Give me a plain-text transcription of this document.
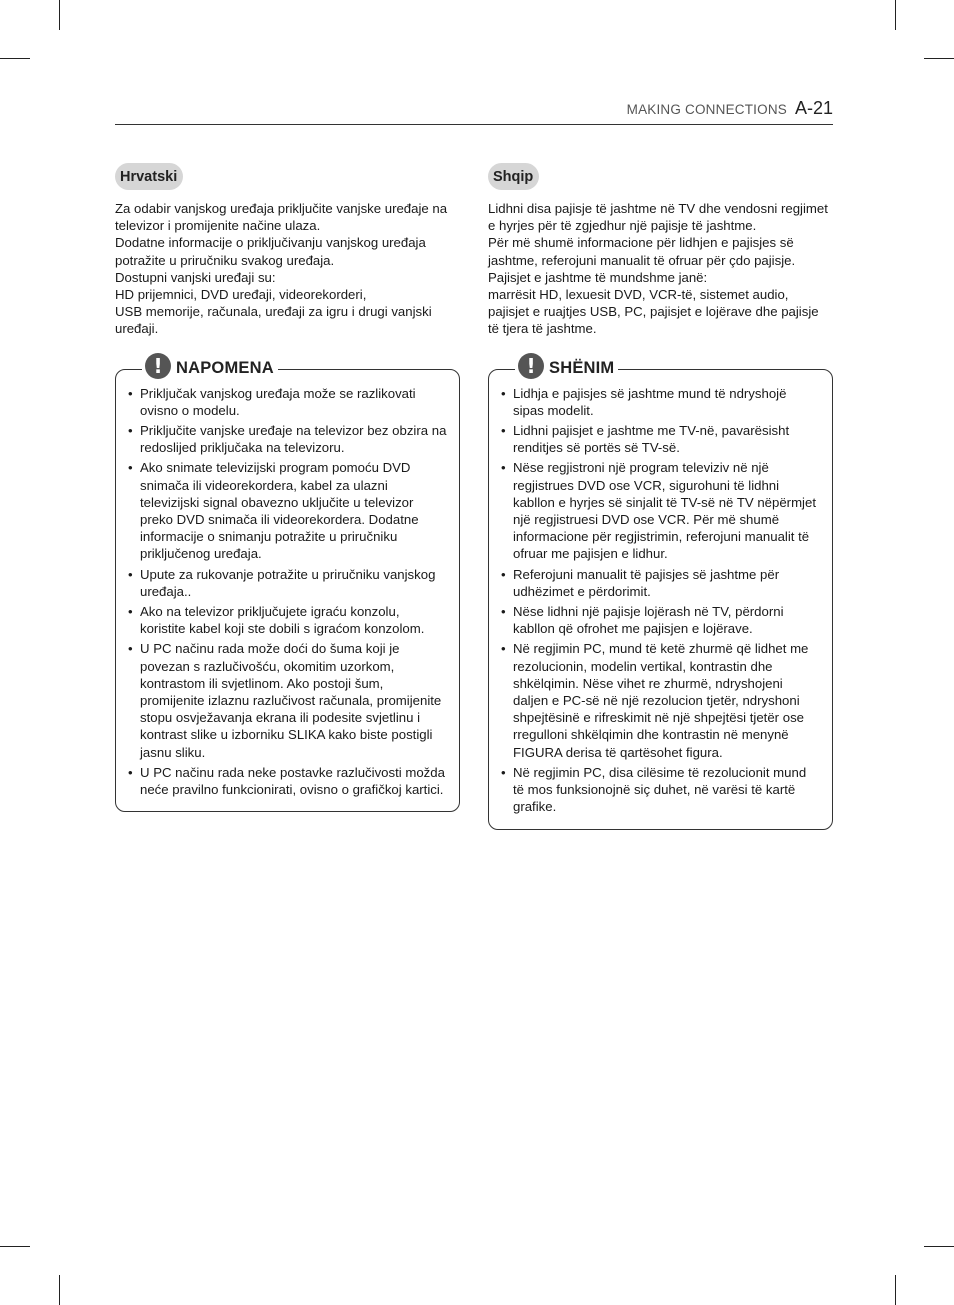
MAKING CONNECTIONS A-21
Hrvatski

Za odabir vanjskog uređaja priključite vanjske uređaje na televizor i promijenite načine ulaza.

Dodatne informacije o priključivanju vanjskog uređaja potražite u priručniku svakog uređaja.

Dostupni vanjski uređaji su:

HD prijemnici, DVD uređaji, videorekorderi,

USB memorije, računala, uređaji za igru i drugi vanjski uređaji.

! NAPOMENA
• Priključak vanjskog uređaja može se razlikovati ovisno o modelu.
• Priključite vanjske uređaje na televizor bez obzira na redoslijed priključaka na televizoru.
• Ako snimate televizijski program pomoću DVD snimača ili videorekordera, kabel za ulazni televizijski signal obavezno uključite u televizor preko DVD snimača ili videorekordera. Dodatne informacije o snimanju potražite u priručniku priključenog uređaja.
• Upute za rukovanje potražite u priručniku vanjskog uređaja..
• Ako na televizor priključujete igraću konzolu, koristite kabel koji ste dobili s igraćom konzolom.
• U PC načinu rada može doći do šuma koji je povezan s razlučivošću, okomitim uzorkom, kontrastom ili svjetlinom. Ako postoji šum, promijenite izlaznu razlučivost računala, promijenite stopu osvježavanja ekrana ili podesite svjetlinu i kontrast slike u izborniku SLIKA kako biste postigli jasnu sliku.
• U PC načinu rada neke postavke razlučivosti možda neće pravilno funkcionirati, ovisno o grafičkoj kartici.
Shqip

Lidhni disa pajisje të jashtme në TV dhe vendosni regjimet e hyrjes për të zgjedhur një pajisje të jashtme.

Për më shumë informacione për lidhjen e pajisjes së jashtme, referojuni manualit të ofruar për çdo pajisje.

Pajisjet e jashtme të mundshme janë:

marrësit HD, lexuesit DVD, VCR-të, sistemet audio, pajisjet e ruajtjes USB, PC, pajisjet e lojërave dhe pajisje të tjera të jashtme.

! SHËNIM
• Lidhja e pajisjes së jashtme mund të ndryshojë sipas modelit.
• Lidhni pajisjet e jashtme me TV-në, pavarësisht renditjes së portës së TV-së.
• Nëse regjistroni një program televiziv në një regjistrues DVD ose VCR, sigurohuni të lidhni kabllon e hyrjes së sinjalit të TV-së në TV nëpërmjet një regjistruesi DVD ose VCR. Për më shumë informacione për regjistrimin, referojuni manualit të ofruar me pajisjen e lidhur.
• Referojuni manualit të pajisjes së jashtme për udhëzimet e përdorimit.
• Nëse lidhni një pajisje lojërash në TV, përdorni kabllon që ofrohet me pajisjen e lojërave.
• Në regjimin PC, mund të ketë zhurmë që lidhet me rezolucionin, modelin vertikal, kontrastin dhe shkëlqimin. Nëse vihet re zhurmë, ndryshojeni daljen e PC-së në një rezolucion tjetër, ndryshoni shpejtësinë e rifreskimit në një shpejtësi tjetër ose rregulloni shkëlqimin dhe kontrastin në menynë FIGURA derisa të qartësohet figura.
• Në regjimin PC, disa cilësime të rezolucionit mund të mos funksionojnë siç duhet, në varësi të kartë grafike.
